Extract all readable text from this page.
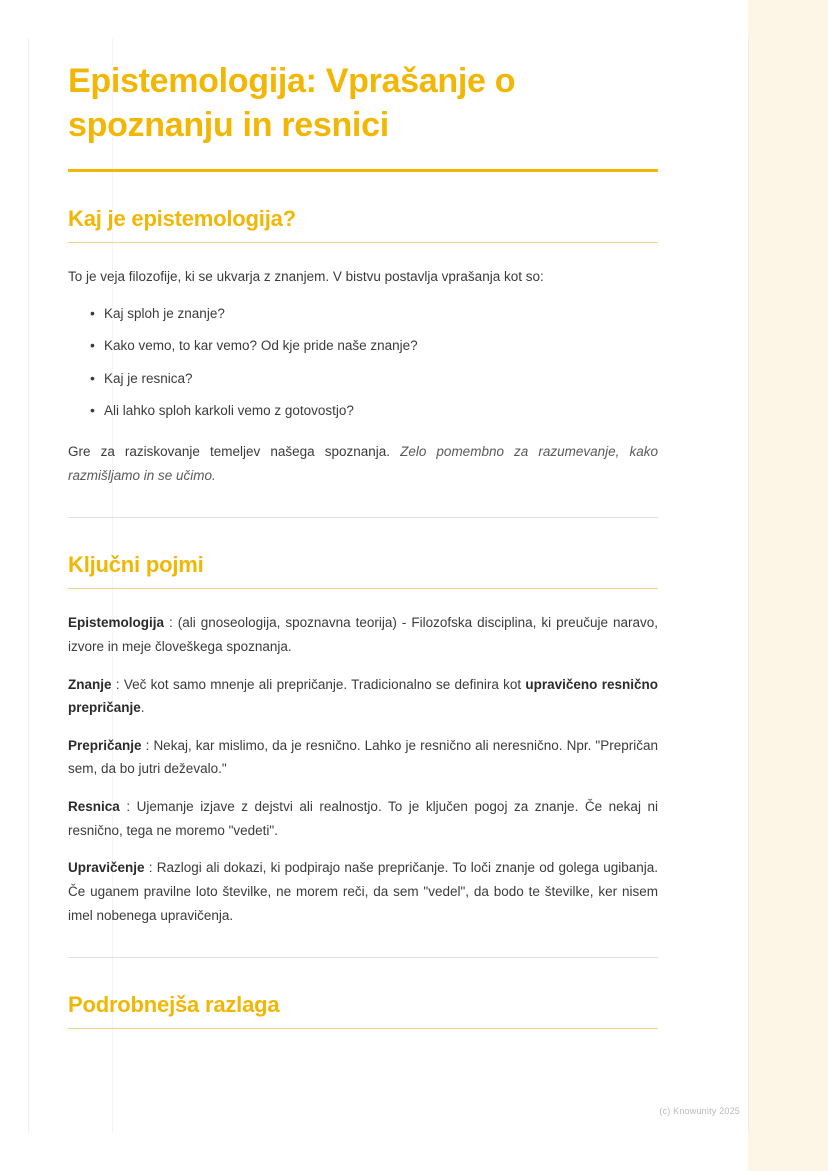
Epistemologija: Vprašanje o spoznanju in resnici
Kaj je epistemologija?

To je veja filozofije, ki se ukvarja z znanjem. V bistvu postavlja vprašanja kot so:

• Kaj sploh je znanje?
• Kako vemo, to kar vemo? Od kje pride naše znanje?
• Kaj je resnica?
• Ali lahko sploh karkoli vemo z gotovostjo?

Gre za raziskovanje temeljev našega spoznanja. Zelo pomembno za razumevanje, kako razmišljamo in se učimo.

Ključni pojmi

Epistemologija : (ali gnoseologija, spoznavna teorija) - Filozofska disciplina, ki preučuje naravo, izvore in meje človeškega spoznanja.

Znanje : Več kot samo mnenje ali prepričanje. Tradicionalno se definira kot upravičeno resnično prepričanje.

Prepričanje : Nekaj, kar mislimo, da je resnično. Lahko je resnično ali neresnično. Npr. "Prepričan sem, da bo jutri deževalo."

Resnica : Ujemanje izjave z dejstvi ali realnostjo. To je ključen pogoj za znanje. Če nekaj ni resnično, tega ne moremo "vedeti".

Upravičenje : Razlogi ali dokazi, ki podpirajo naše prepričanje. To loči znanje od golega ugibanja. Če uganem pravilne loto številke, ne morem reči, da sem "vedel", da bodo te številke, ker nisem imel nobenega upravičenja.

Podrobnejša razlaga
(c) Knowunity 2025
